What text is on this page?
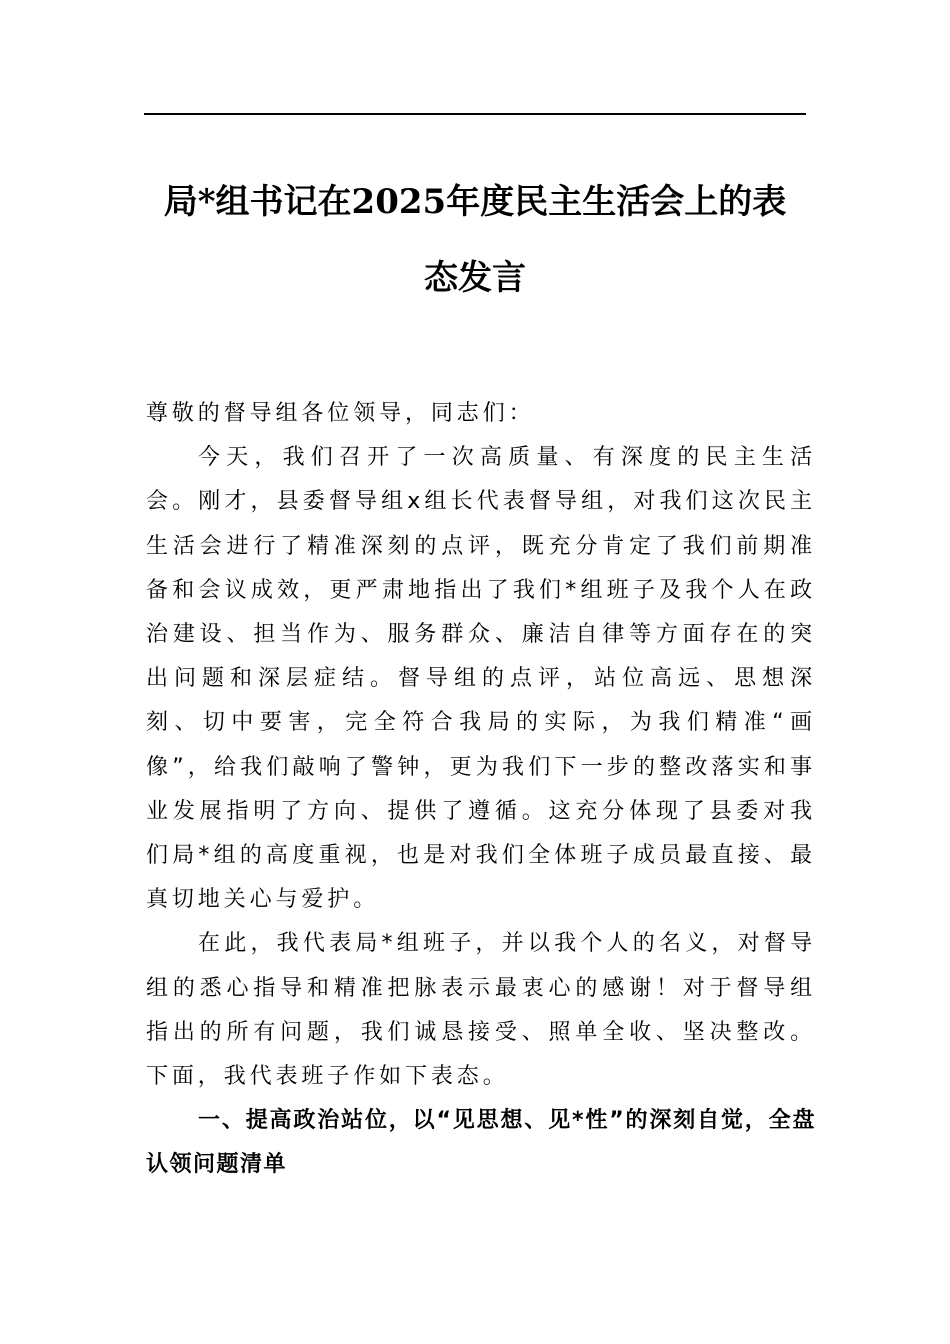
局*组书记在2025年度民主生活会上的表
态发言

尊敬的督导组各位领导，同志们：

今天，我们召开了一次高质量、有深度的民主生活会。刚才，县委督导组x组长代表督导组，对我们这次民主生活会进行了精准深刻的点评，既充分肯定了我们前期准备和会议成效，更严肃地指出了我们*组班子及我个人在政治建设、担当作为、服务群众、廉洁自律等方面存在的突出问题和深层症结。督导组的点评，站位高远、思想深刻、切中要害，完全符合我局的实际，为我们精准“画像”，给我们敲响了警钟，更为我们下一步的整改落实和事业发展指明了方向、提供了遵循。这充分体现了县委对我们局*组的高度重视，也是对我们全体班子成员最直接、最真切地关心与爱护。

在此，我代表局*组班子，并以我个人的名义，对督导组的悉心指导和精准把脉表示最衷心的感谢！对于督导组指出的所有问题，我们诚恳接受、照单全收、坚决整改。下面，我代表班子作如下表态。

一、提高政治站位，以“见思想、见*性”的深刻自觉，全盘认领问题清单
